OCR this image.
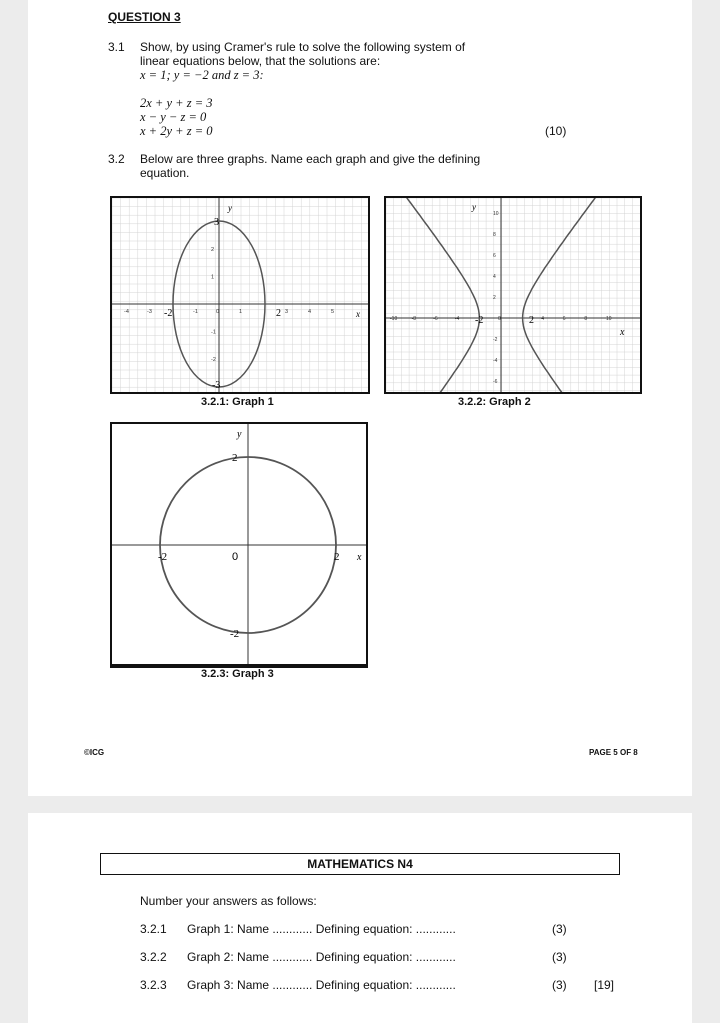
QUESTION 3
3.1 Show, by using Cramer's rule to solve the following system of
linear equations below, that the solutions are:
x = 1; y = −2 and z = 3:
2x + y + z = 3
x − y − z = 0
x + 2y + z = 0	(10)
3.2 Below are three graphs. Name each graph and give the defining
equation.
-4	-3	-1	0	1	3	4	5
2
1
-1
-2
y
x
-2	2
3
-3
3.2.1: Graph 1
-10	-8	-6	-4	0	4	6	8	10
10
8
6
4
2
-2
-4
-6
y
x
-2	2
3.2.2: Graph 2
y
x
0
-2	2
2
-2
3.2.3: Graph 3
©ICG	PAGE 5 OF 8
MATHEMATICS N4
Number your answers as follows:
3.2.1 Graph 1: Name ............ Defining equation: ............	(3)
3.2.2 Graph 2: Name ............ Defining equation: ............	(3)
3.2.3 Graph 3: Name ............ Defining equation: ............	(3) [19]
